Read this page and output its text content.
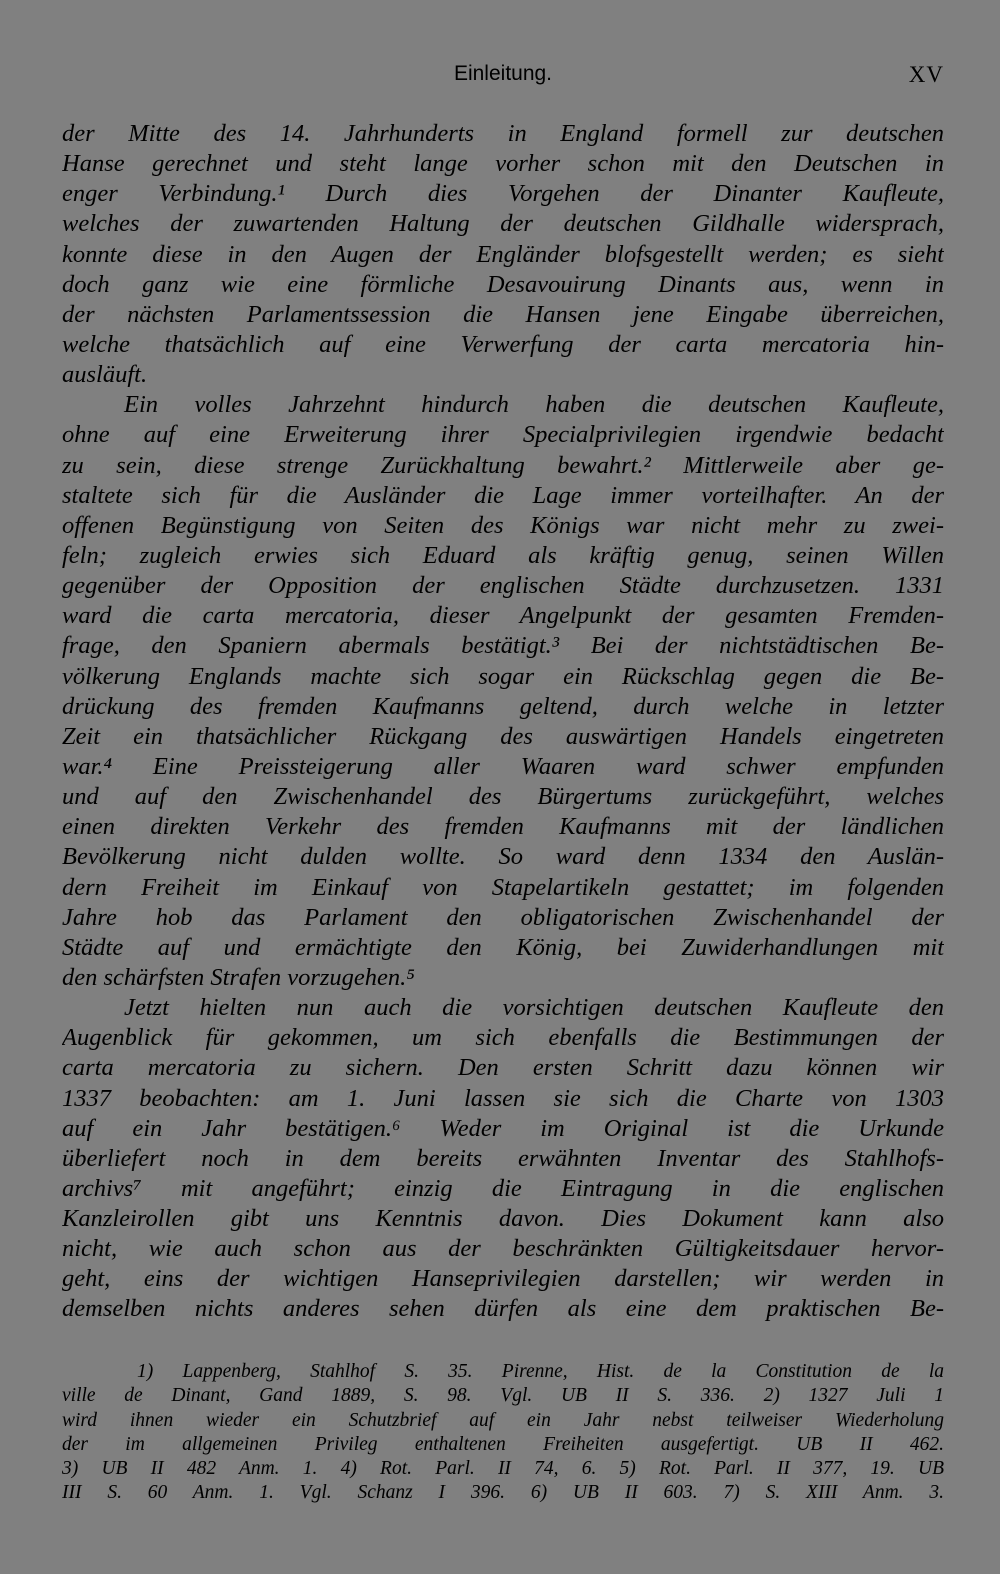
Einleitung.	XV
der Mitte des 14. Jahrhunderts in England formell zur deutschen
Hanse gerechnet und steht lange vorher schon mit den Deutschen in
enger Verbindung.¹ Durch dies Vorgehen der Dinanter Kaufleute,
welches der zuwartenden Haltung der deutschen Gildhalle widersprach,
konnte diese in den Augen der Engländer blofsgestellt werden; es sieht
doch ganz wie eine förmliche Desavouirung Dinants aus, wenn in
der nächsten Parlamentssession die Hansen jene Eingabe überreichen,
welche thatsächlich auf eine Verwerfung der carta mercatoria hin-
ausläuft.
Ein volles Jahrzehnt hindurch haben die deutschen Kaufleute,
ohne auf eine Erweiterung ihrer Specialprivilegien irgendwie bedacht
zu sein, diese strenge Zurückhaltung bewahrt.² Mittlerweile aber ge-
staltete sich für die Ausländer die Lage immer vorteilhafter. An der
offenen Begünstigung von Seiten des Königs war nicht mehr zu zwei-
feln; zugleich erwies sich Eduard als kräftig genug, seinen Willen
gegenüber der Opposition der englischen Städte durchzusetzen. 1331
ward die carta mercatoria, dieser Angelpunkt der gesamten Fremden-
frage, den Spaniern abermals bestätigt.³ Bei der nichtstädtischen Be-
völkerung Englands machte sich sogar ein Rückschlag gegen die Be-
drückung des fremden Kaufmanns geltend, durch welche in letzter
Zeit ein thatsächlicher Rückgang des auswärtigen Handels eingetreten
war.⁴ Eine Preissteigerung aller Waaren ward schwer empfunden
und auf den Zwischenhandel des Bürgertums zurückgeführt, welches
einen direkten Verkehr des fremden Kaufmanns mit der ländlichen
Bevölkerung nicht dulden wollte. So ward denn 1334 den Auslän-
dern Freiheit im Einkauf von Stapelartikeln gestattet; im folgenden
Jahre hob das Parlament den obligatorischen Zwischenhandel der
Städte auf und ermächtigte den König, bei Zuwiderhandlungen mit
den schärfsten Strafen vorzugehen.⁵
Jetzt hielten nun auch die vorsichtigen deutschen Kaufleute den
Augenblick für gekommen, um sich ebenfalls die Bestimmungen der
carta mercatoria zu sichern. Den ersten Schritt dazu können wir
1337 beobachten: am 1. Juni lassen sie sich die Charte von 1303
auf ein Jahr bestätigen.⁶ Weder im Original ist die Urkunde
überliefert noch in dem bereits erwähnten Inventar des Stahlhofs-
archivs⁷ mit angeführt; einzig die Eintragung in die englischen
Kanzleirollen gibt uns Kenntnis davon. Dies Dokument kann also
nicht, wie auch schon aus der beschränkten Gültigkeitsdauer hervor-
geht, eins der wichtigen Hanseprivilegien darstellen; wir werden in
demselben nichts anderes sehen dürfen als eine dem praktischen Be-
1) Lappenberg, Stahlhof S. 35. Pirenne, Hist. de la Constitution de la
ville de Dinant, Gand 1889, S. 98. Vgl. UB II S. 336. 2) 1327 Juli 1
wird ihnen wieder ein Schutzbrief auf ein Jahr nebst teilweiser Wiederholung
der im allgemeinen Privileg enthaltenen Freiheiten ausgefertigt. UB II 462.
3) UB II 482 Anm. 1. 4) Rot. Parl. II 74, 6. 5) Rot. Parl. II 377, 19. UB
III S. 60 Anm. 1. Vgl. Schanz I 396. 6) UB II 603. 7) S. XIII Anm. 3.
